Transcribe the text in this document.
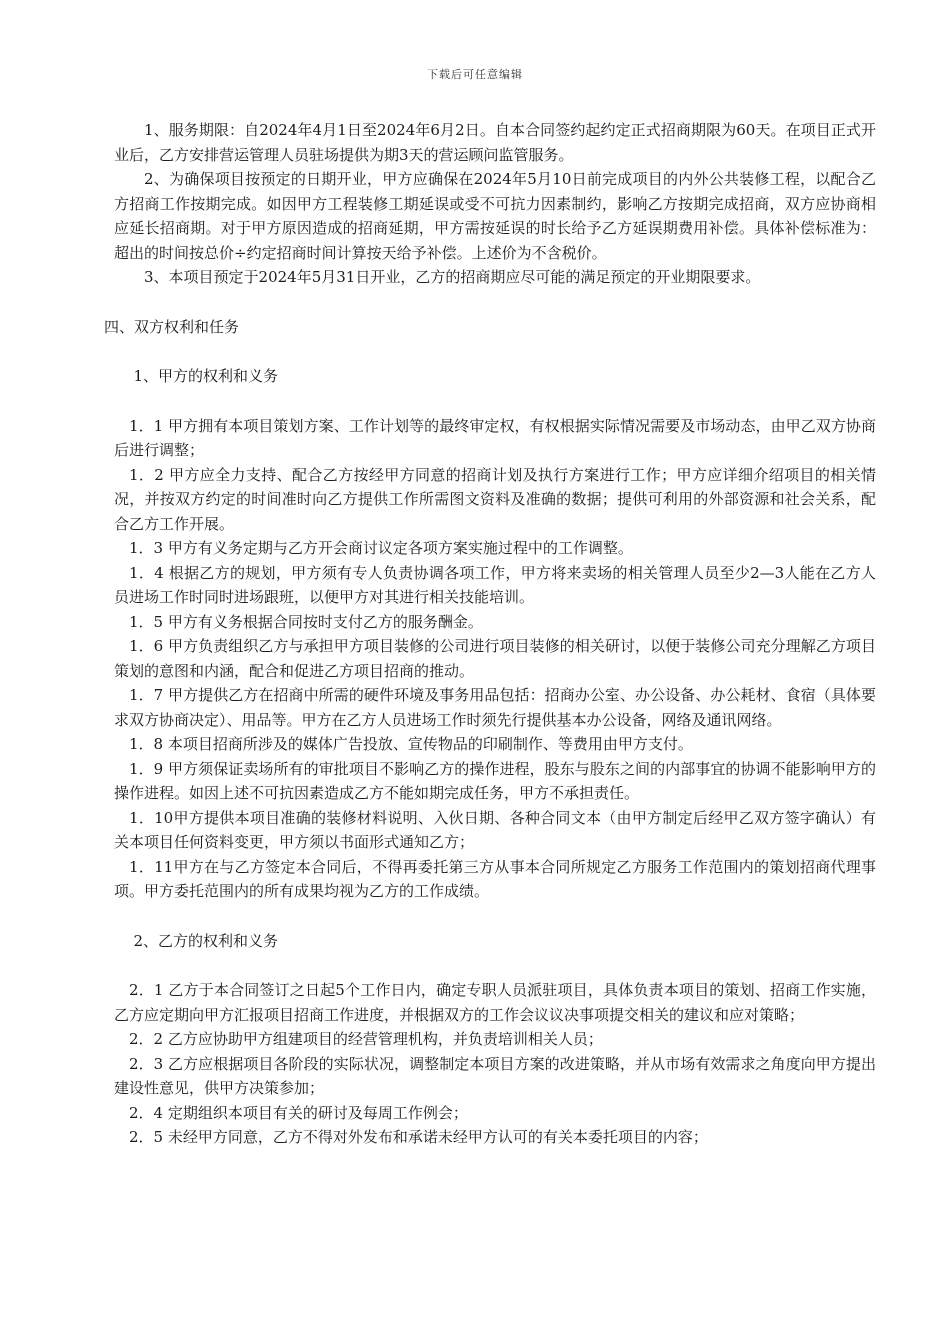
下载后可任意编辑

1、服务期限：自2024年4月1日至2024年6月2日。自本合同签约起约定正式招商期限为60天。在项目正式开业后，乙方安排营运管理人员驻场提供为期3天的营运顾问监管服务。

2、为确保项目按预定的日期开业，甲方应确保在2024年5月10日前完成项目的内外公共装修工程，以配合乙方招商工作按期完成。如因甲方工程装修工期延误或受不可抗力因素制约，影响乙方按期完成招商，双方应协商相应延长招商期。对于甲方原因造成的招商延期，甲方需按延误的时长给予乙方延误期费用补偿。具体补偿标准为：超出的时间按总价÷约定招商时间计算按天给予补偿。上述价为不含税价。

3、本项目预定于2024年5月31日开业，乙方的招商期应尽可能的满足预定的开业期限要求。

四、双方权利和任务

1、甲方的权利和义务

1．1 甲方拥有本项目策划方案、工作计划等的最终审定权，有权根据实际情况需要及市场动态，由甲乙双方协商后进行调整；

1．2 甲方应全力支持、配合乙方按经甲方同意的招商计划及执行方案进行工作；甲方应详细介绍项目的相关情况，并按双方约定的时间准时向乙方提供工作所需图文资料及准确的数据；提供可利用的外部资源和社会关系，配合乙方工作开展。

1．3 甲方有义务定期与乙方开会商讨议定各项方案实施过程中的工作调整。

1．4 根据乙方的规划，甲方须有专人负责协调各项工作，甲方将来卖场的相关管理人员至少2—3人能在乙方人员进场工作时同时进场跟班，以便甲方对其进行相关技能培训。

1．5 甲方有义务根据合同按时支付乙方的服务酬金。

1．6 甲方负责组织乙方与承担甲方项目装修的公司进行项目装修的相关研讨，以便于装修公司充分理解乙方项目策划的意图和内涵，配合和促进乙方项目招商的推动。

1．7 甲方提供乙方在招商中所需的硬件环境及事务用品包括：招商办公室、办公设备、办公耗材、食宿（具体要求双方协商决定）、用品等。甲方在乙方人员进场工作时须先行提供基本办公设备，网络及通讯网络。

1．8 本项目招商所涉及的媒体广告投放、宣传物品的印刷制作、等费用由甲方支付。

1．9 甲方须保证卖场所有的审批项目不影响乙方的操作进程，股东与股东之间的内部事宜的协调不能影响甲方的操作进程。如因上述不可抗因素造成乙方不能如期完成任务，甲方不承担责任。

1．10甲方提供本项目准确的装修材料说明、入伙日期、各种合同文本（由甲方制定后经甲乙双方签字确认）有关本项目任何资料变更，甲方须以书面形式通知乙方；

1．11甲方在与乙方签定本合同后，不得再委托第三方从事本合同所规定乙方服务工作范围内的策划招商代理事项。甲方委托范围内的所有成果均视为乙方的工作成绩。

2、乙方的权利和义务

2．1 乙方于本合同签订之日起5个工作日内，确定专职人员派驻项目，具体负责本项目的策划、招商工作实施，乙方应定期向甲方汇报项目招商工作进度，并根据双方的工作会议议决事项提交相关的建议和应对策略；

2．2 乙方应协助甲方组建项目的经营管理机构，并负责培训相关人员；

2．3 乙方应根据项目各阶段的实际状况，调整制定本项目方案的改进策略，并从市场有效需求之角度向甲方提出建设性意见，供甲方决策参加；

2．4 定期组织本项目有关的研讨及每周工作例会；

2．5 未经甲方同意，乙方不得对外发布和承诺未经甲方认可的有关本委托项目的内容；
